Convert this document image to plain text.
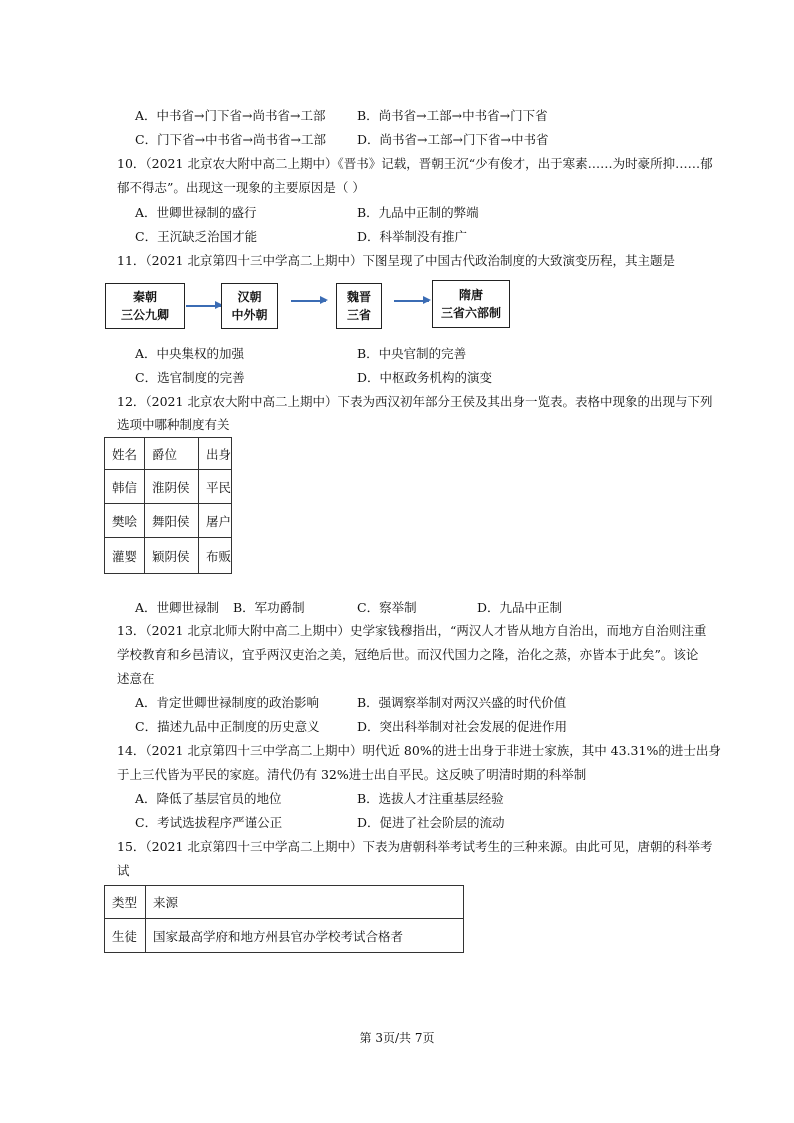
A．中书省→门下省→尚书省→工部	B．尚书省→工部→中书省→门下省
C．门下省→中书省→尚书省→工部 D．尚书省→工部→门下省→中书省
10．（2021 北京农大附中高二上期中）《晋书》记载，晋朝王沉“少有俊才，出于寒素……为时豪所抑……郁
郁不得志”。出现这一现象的主要原因是（ ）
A．世卿世禄制的盛行	B．九品中正制的弊端
C．王沉缺乏治国才能	D．科举制没有推广
11．（2021 北京第四十三中学高二上期中）下图呈现了中国古代政治制度的大致演变历程，其主题是
秦朝
三公九卿
汉朝
中外朝
魏晋
三省
隋唐
三省六部制
A．中央集权的加强	B．中央官制的完善
C．选官制度的完善	D．中枢政务机构的演变
12．（2021 北京农大附中高二上期中）下表为西汉初年部分王侯及其出身一览表。表格中现象的出现与下列
选项中哪种制度有关
姓名	爵位	出身
韩信	淮阴侯	平民
樊哙	舞阳侯	屠户
灌婴	颖阴侯	布贩
A．世卿世禄制 B．军功爵制	C．察举制	D．九品中正制
13．（2021 北京北师大附中高二上期中）史学家钱穆指出，“两汉人才皆从地方自治出，而地方自治则注重
学校教育和乡邑清议，宜乎两汉吏治之美，冠绝后世。而汉代国力之隆，治化之蒸，亦皆本于此矣”。该论
述意在
A．肯定世卿世禄制度的政治影响	B．强调察举制对两汉兴盛的时代价值
C．描述九品中正制度的历史意义	D．突出科举制对社会发展的促进作用
14．（2021 北京第四十三中学高二上期中）明代近 80%的进士出身于非进士家族，其中 43.31%的进士出身
于上三代皆为平民的家庭。清代仍有 32%进士出自平民。这反映了明清时期的科举制
A．降低了基层官员的地位	B．选拔人才注重基层经验
C．考试选拔程序严谨公正	D．促进了社会阶层的流动
15．（2021 北京第四十三中学高二上期中）下表为唐朝科举考试考生的三种来源。由此可见，唐朝的科举考
试
类型	来源
生徒	国家最高学府和地方州县官办学校考试合格者
第 3页/共 7页
